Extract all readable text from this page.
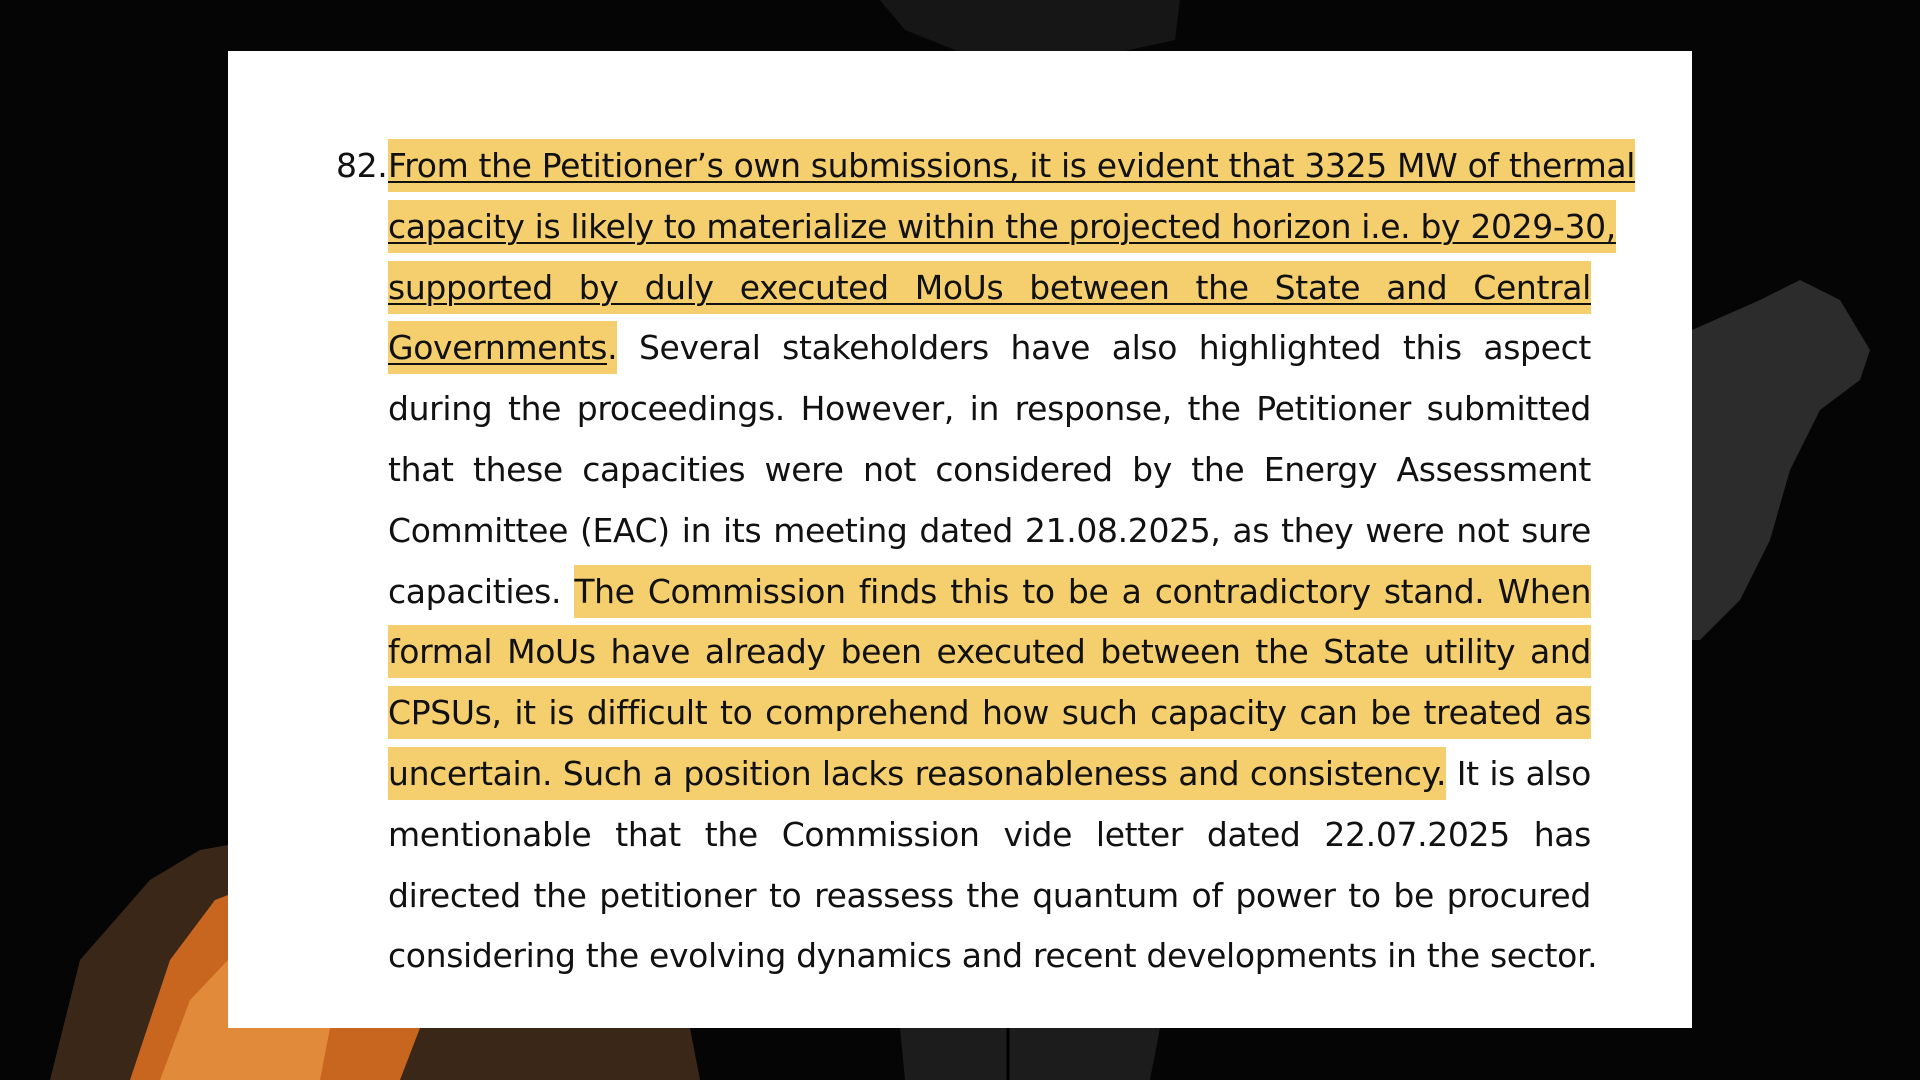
82.From the Petitioner’s own submissions, it is evident that 3325 MW of thermal
capacity is likely to materialize within the projected horizon i.e. by 2029-30,
supported by duly executed MoUs between the State and Central
Governments. Several stakeholders have also highlighted this aspect
during the proceedings. However, in response, the Petitioner submitted
that these capacities were not considered by the Energy Assessment
Committee (EAC) in its meeting dated 21.08.2025, as they were not sure
capacities. The Commission finds this to be a contradictory stand. When
formal MoUs have already been executed between the State utility and
CPSUs, it is difficult to comprehend how such capacity can be treated as
uncertain. Such a position lacks reasonableness and consistency. It is also
mentionable that the Commission vide letter dated 22.07.2025 has
directed the petitioner to reassess the quantum of power to be procured
considering the evolving dynamics and recent developments in the sector.
